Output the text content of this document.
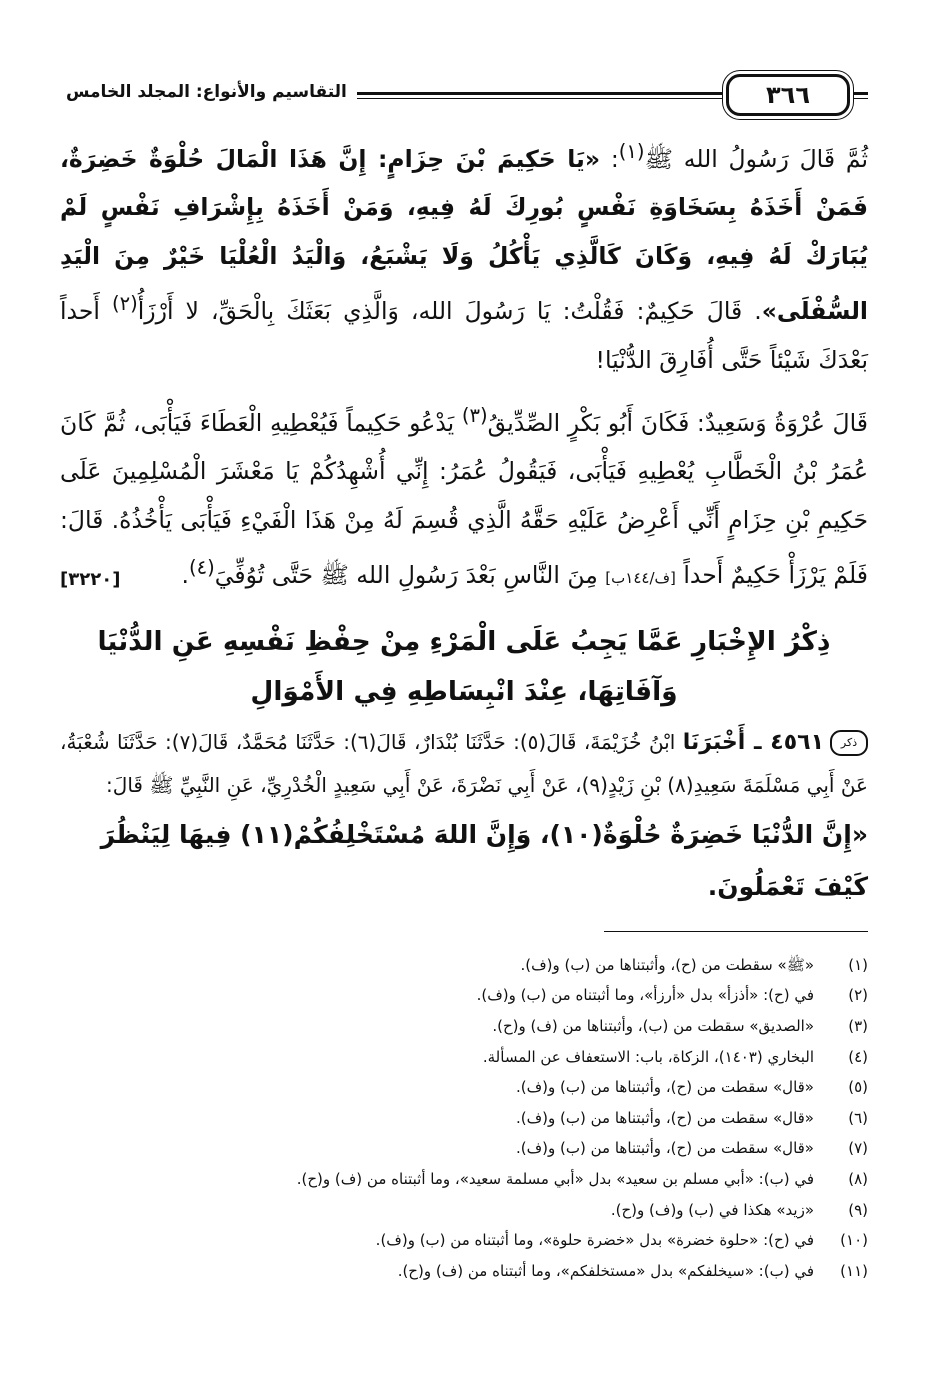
٣٦٦
التقاسيم والأنواع: المجلد الخامس

ثُمَّ قَالَ رَسُولُ الله ﷺ$^{(١)}$: «يَا حَكِيمَ بْنَ حِزَامٍ: إِنَّ هَذَا الْمَالَ حُلْوَةٌ خَضِرَةٌ، فَمَنْ أَخَذَهُ بِسَخَاوَةِ نَفْسٍ بُورِكَ لَهُ فِيهِ، وَمَنْ أَخَذَهُ بِإِشْرَافِ نَفْسٍ لَمْ يُبَارَكْ لَهُ فِيهِ، وَكَانَ كَالَّذِي يَأْكُلُ وَلَا يَشْبَعُ، وَالْيَدُ الْعُلْيَا خَيْرٌ مِنَ الْيَدِ السُّفْلَى». قَالَ حَكِيمٌ: فَقُلْتُ: يَا رَسُولَ الله، وَالَّذِي بَعَثَكَ بِالْحَقِّ، لا أَرْزَأُ$^{(٢)}$ أَحداً بَعْدَكَ شَيْئاً حَتَّى أُفَارِقَ الدُّنْيَا!

قَالَ عُرْوَةُ وَسَعِيدٌ: فَكَانَ أَبُو بَكْرٍ الصِّدِّيقُ$^{(٣)}$ يَدْعُو حَكِيماً فَيُعْطِيهِ الْعَطَاءَ فَيَأْبَى، ثُمَّ كَانَ عُمَرُ بْنُ الْخَطَّابِ يُعْطِيهِ فَيَأْبَى، فَيَقُولُ عُمَرُ: إِنِّي أُشْهِدُكُمْ يَا مَعْشَرَ الْمُسْلِمِينَ عَلَى حَكِيمِ بْنِ حِزَامٍ أَنِّي أَعْرِضُ عَلَيْهِ حَقَّهُ الَّذِي قُسِمَ لَهُ مِنْ هَذَا الْفَيْءِ فَيَأْبَى يَأْخُذُهُ. قَالَ: فَلَمْ يَرْزَأْ حَكِيمٌ أَحداً [ف/١٤٤ب] مِنَ النَّاسِ بَعْدَ رَسُولِ الله ﷺ حَتَّى تُوُفِّيَ$^{(٤)}$.
[٣٢٢٠]

ذِكْرُ الإِخْبَارِ عَمَّا يَجِبُ عَلَى الْمَرْءِ مِنْ حِفْظِ نَفْسِهِ عَنِ الدُّنْيَا وَآفَاتِهَا، عِنْدَ انْبِسَاطِهِ فِي الأَمْوَالِ

ذكر٤٥٦١ ـ أَخْبَرَنَا ابْنُ خُزَيْمَةَ، قَالَ(٥): حَدَّثَنَا بُنْدَارٌ، قَالَ(٦): حَدَّثَنَا مُحَمَّدٌ، قَالَ(٧): حَدَّثَنَا شُعْبَةُ، عَنْ أَبِي مَسْلَمَةَ سَعِيدِ(٨) بْنِ زَيْدٍ(٩)، عَنْ أَبِي نَضْرَةَ، عَنْ أَبِي سَعِيدٍ الْخُدْرِيِّ، عَنِ النَّبِيِّ ﷺ قَالَ:

«إِنَّ الدُّنْيَا خَضِرَةٌ حُلْوَةٌ(١٠)، وَإِنَّ اللهَ مُسْتَخْلِفُكُمْ(١١) فِيهَا لِيَنْظُرَ كَيْفَ تَعْمَلُونَ.

(١)
«ﷺ» سقطت من (ح)، وأثبتناها من (ب) و(ف).
(٢)
في (ح): «أذزأ» بدل «أرزأ»، وما أثبتناه من (ب) و(ف).
(٣)
«الصديق» سقطت من (ب)، وأثبتناها من (ف) و(ح).
(٤)
البخاري (١٤٠٣)، الزكاة، باب: الاستعفاف عن المسألة.
(٥)
«قال» سقطت من (ح)، وأثبتناها من (ب) و(ف).
(٦)
«قال» سقطت من (ح)، وأثبتناها من (ب) و(ف).
(٧)
«قال» سقطت من (ح)، وأثبتناها من (ب) و(ف).
(٨)
في (ب): «أبي مسلم بن سعيد» بدل «أبي مسلمة سعيد»، وما أثبتناه من (ف) و(ح).
(٩)
«زيد» هكذا في (ب) و(ف) و(ح).
(١٠)
في (ح): «حلوة خضرة» بدل «خضرة حلوة»، وما أثبتناه من (ب) و(ف).
(١١)
في (ب): «سيخلفكم» بدل «مستخلفكم»، وما أثبتناه من (ف) و(ح).
